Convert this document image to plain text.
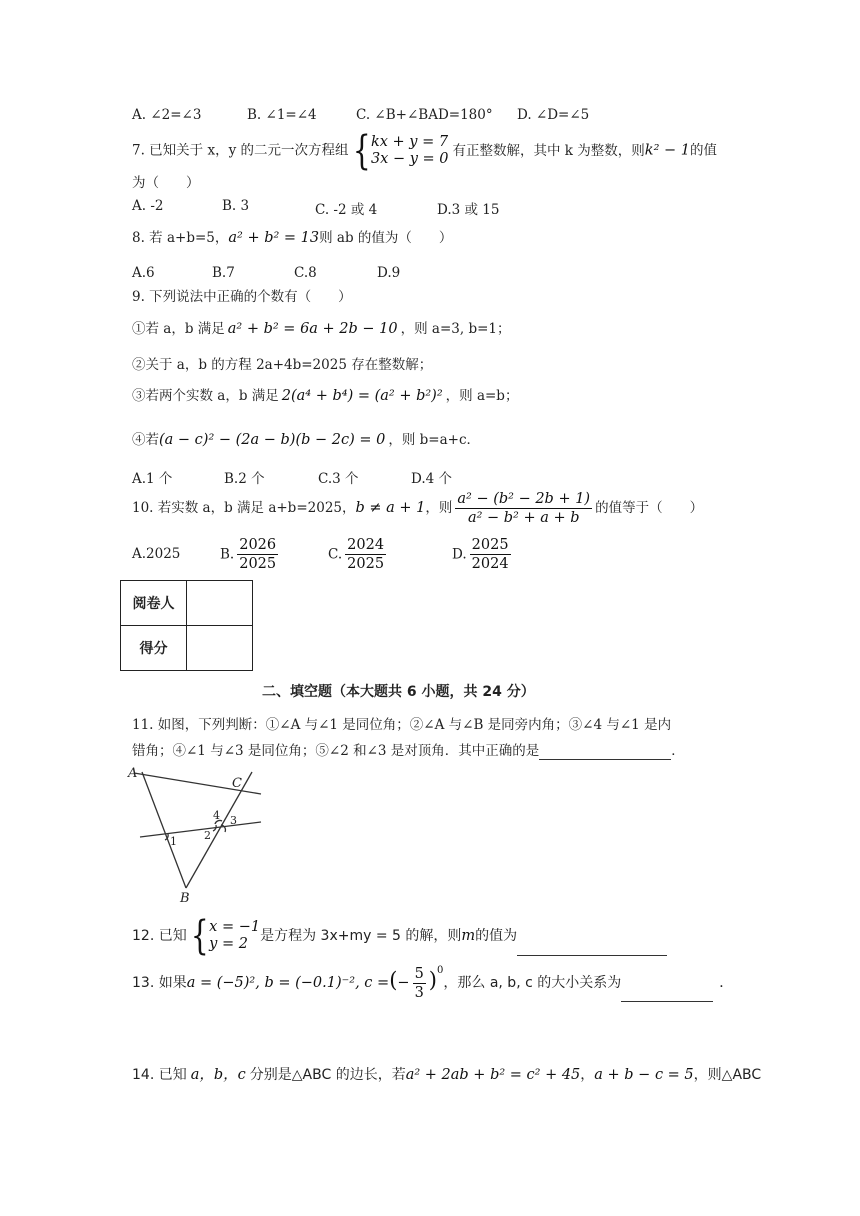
A. ∠2=∠3	B. ∠1=∠4	C. ∠B+∠BAD=180° D. ∠D=∠5
7. 已知关于 x，y 的二元一次方程组 { kx + y = 7
3x − y = 0
有正整数解，其中 k 为整数，则k² − 1的值
为（　　）
A. -2	B. 3	C. -2 或 4	D.3 或 15
8. 若 a+b=5，a² + b² = 13则 ab 的值为（　　）
A.6	B.7	C.8	D.9
9. 下列说法中正确的个数有（　　）
①若 a，b 满足 a² + b² = 6a + 2b − 10 ，则 a=3, b=1；
②关于 a，b 的方程 2a+4b=2025 存在整数解；
③若两个实数 a，b 满足 2(a⁴ + b⁴) = (a² + b²)² ，则 a=b；
④若(a − c)² − (2a − b)(b − 2c) = 0 ，则 b=a+c．
A.1 个	B.2 个	C.3 个	D.4 个
10. 若实数 a，b 满足 a+b=2025，b ≠ a + 1，则 $\frac{\text{a² − (b² − 2b + 1)}}{\text{a² − b² + a + b}}$ 的值等于（　　）
A.2025	B. $\frac{2026}{2025}$	C. $\frac{2024}{2025}$	D. $\frac{2025}{2024}$
阅卷人	
得分	
二、填空题（本大题共 6 小题，共 24 分）
11. 如图，下列判断：①∠A 与∠1 是同位角；②∠A 与∠B 是同旁内角；③∠4 与∠1 是内
错角；④∠1 与∠3 是同位角；⑤∠2 和∠3 是对顶角．其中正确的是	．
A
B
C
1 2
3
4
12. 已知 { x = −1
y = 2 是方程为 3x+my = 5 的解，则m的值为
13. 如果a = (−5)², b = (−0.1)⁻², c =(− $\frac{5}{3} )^0$，那么 a, b, c 的大小关系为	．
14. 已知 a，b，c 分别是△ABC 的边长，若a² + 2ab + b² = c² + 45，a + b − c = 5，则△ABC
